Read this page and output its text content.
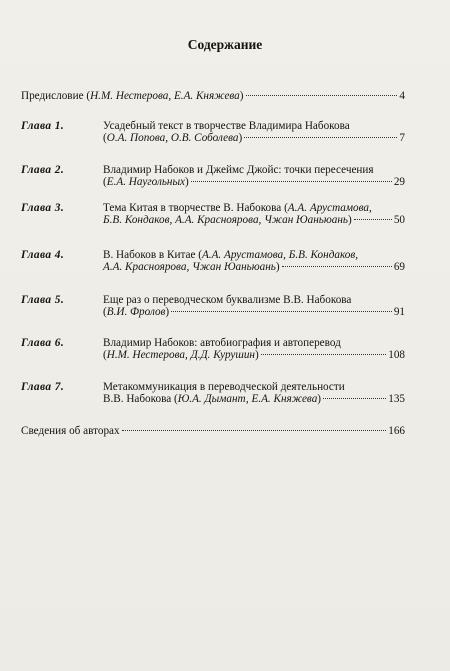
Содержание
Предисловие ( Н.М. Нестерова, Е.А. Княжева )	4
Глава 1.	Усадебный текст в творчестве Владимира Набокова
( О.А. Попова, О.В. Соболева )	7
Глава 2.	Владимир Набоков и Джеймс Джойс: точки пересечения
( Е.А. Наугольных )	29
Глава 3.	Тема Китая в творчестве В. Набокова (А.А. Арустамова,
Б.В. Кондаков, А.А. Краснояровa, Чжан Юаньюань )	50
Глава 4.	В. Набоков в Китае (А.А. Арустамова, Б.В. Кондаков,
А.А. Краснояровa, Чжан Юаньюань )	69
Глава 5.	Еще раз о переводческом буквализме В.В. Набокова
( В.И. Фролов )	91
Глава 6.	Владимир Набоков: автобиография и автоперевод
( Н.М. Нестерова, Д.Д. Курушин )	108
Глава 7.	Метакоммуникация в переводческой деятельности
В.В. Набокова ( Ю.А. Дымант, Е.А. Княжева )	135
Сведения об авторах	166
